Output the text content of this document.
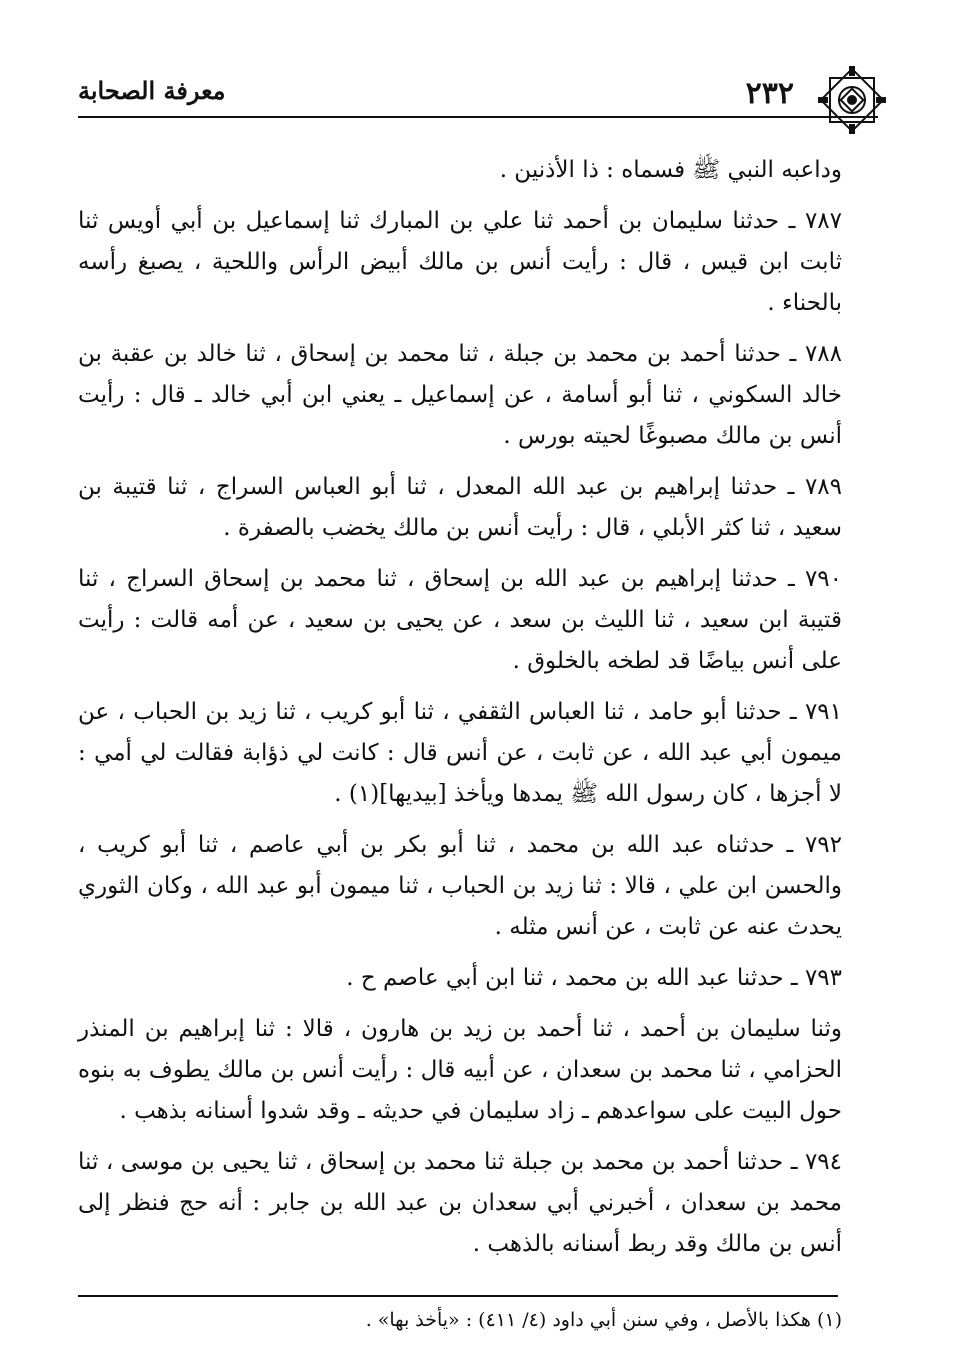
٢٣٢
معرفة الصحابة

وداعبه النبي ﷺ فسماه : ذا الأذنين .

٧٨٧ ـ حدثنا سليمان بن أحمد ثنا علي بن المبارك ثنا إسماعيل بن أبي أويس ثنا ثابت ابن قيس ، قال : رأيت أنس بن مالك أبيض الرأس واللحية ، يصبغ رأسه بالحناء .

٧٨٨ ـ حدثنا أحمد بن محمد بن جبلة ، ثنا محمد بن إسحاق ، ثنا خالد بن عقبة بن خالد السكوني ، ثنا أبو أسامة ، عن إسماعيل ـ يعني ابن أبي خالد ـ قال : رأيت أنس بن مالك مصبوغًا لحيته بورس .

٧٨٩ ـ حدثنا إبراهيم بن عبد الله المعدل ، ثنا أبو العباس السراج ، ثنا قتيبة بن سعيد ، ثنا كثر الأبلي ، قال : رأيت أنس بن مالك يخضب بالصفرة .

٧٩٠ ـ حدثنا إبراهيم بن عبد الله بن إسحاق ، ثنا محمد بن إسحاق السراج ، ثنا قتيبة ابن سعيد ، ثنا الليث بن سعد ، عن يحيى بن سعيد ، عن أمه قالت : رأيت على أنس بياضًا قد لطخه بالخلوق .

٧٩١ ـ حدثنا أبو حامد ، ثنا العباس الثقفي ، ثنا أبو كريب ، ثنا زيد بن الحباب ، عن ميمون أبي عبد الله ، عن ثابت ، عن أنس قال : كانت لي ذؤابة فقالت لي أمي : لا أجزها ، كان رسول الله ﷺ يمدها ويأخذ [بيديها](١) .

٧٩٢ ـ حدثناه عبد الله بن محمد ، ثنا أبو بكر بن أبي عاصم ، ثنا أبو كريب ، والحسن ابن علي ، قالا : ثنا زيد بن الحباب ، ثنا ميمون أبو عبد الله ، وكان الثوري يحدث عنه عن ثابت ، عن أنس مثله .

٧٩٣ ـ حدثنا عبد الله بن محمد ، ثنا ابن أبي عاصم ح .

وثنا سليمان بن أحمد ، ثنا أحمد بن زيد بن هارون ، قالا : ثنا إبراهيم بن المنذر الحزامي ، ثنا محمد بن سعدان ، عن أبيه قال : رأيت أنس بن مالك يطوف به بنوه حول البيت على سواعدهم ـ زاد سليمان في حديثه ـ وقد شدوا أسنانه بذهب .

٧٩٤ ـ حدثنا أحمد بن محمد بن جبلة ثنا محمد بن إسحاق ، ثنا يحيى بن موسى ، ثنا محمد بن سعدان ، أخبرني أبي سعدان بن عبد الله بن جابر : أنه حج فنظر إلى أنس بن مالك وقد ربط أسنانه بالذهب .

(١) هكذا بالأصل ، وفي سنن أبي داود (٤/ ٤١١) : «يأخذ بها» .
